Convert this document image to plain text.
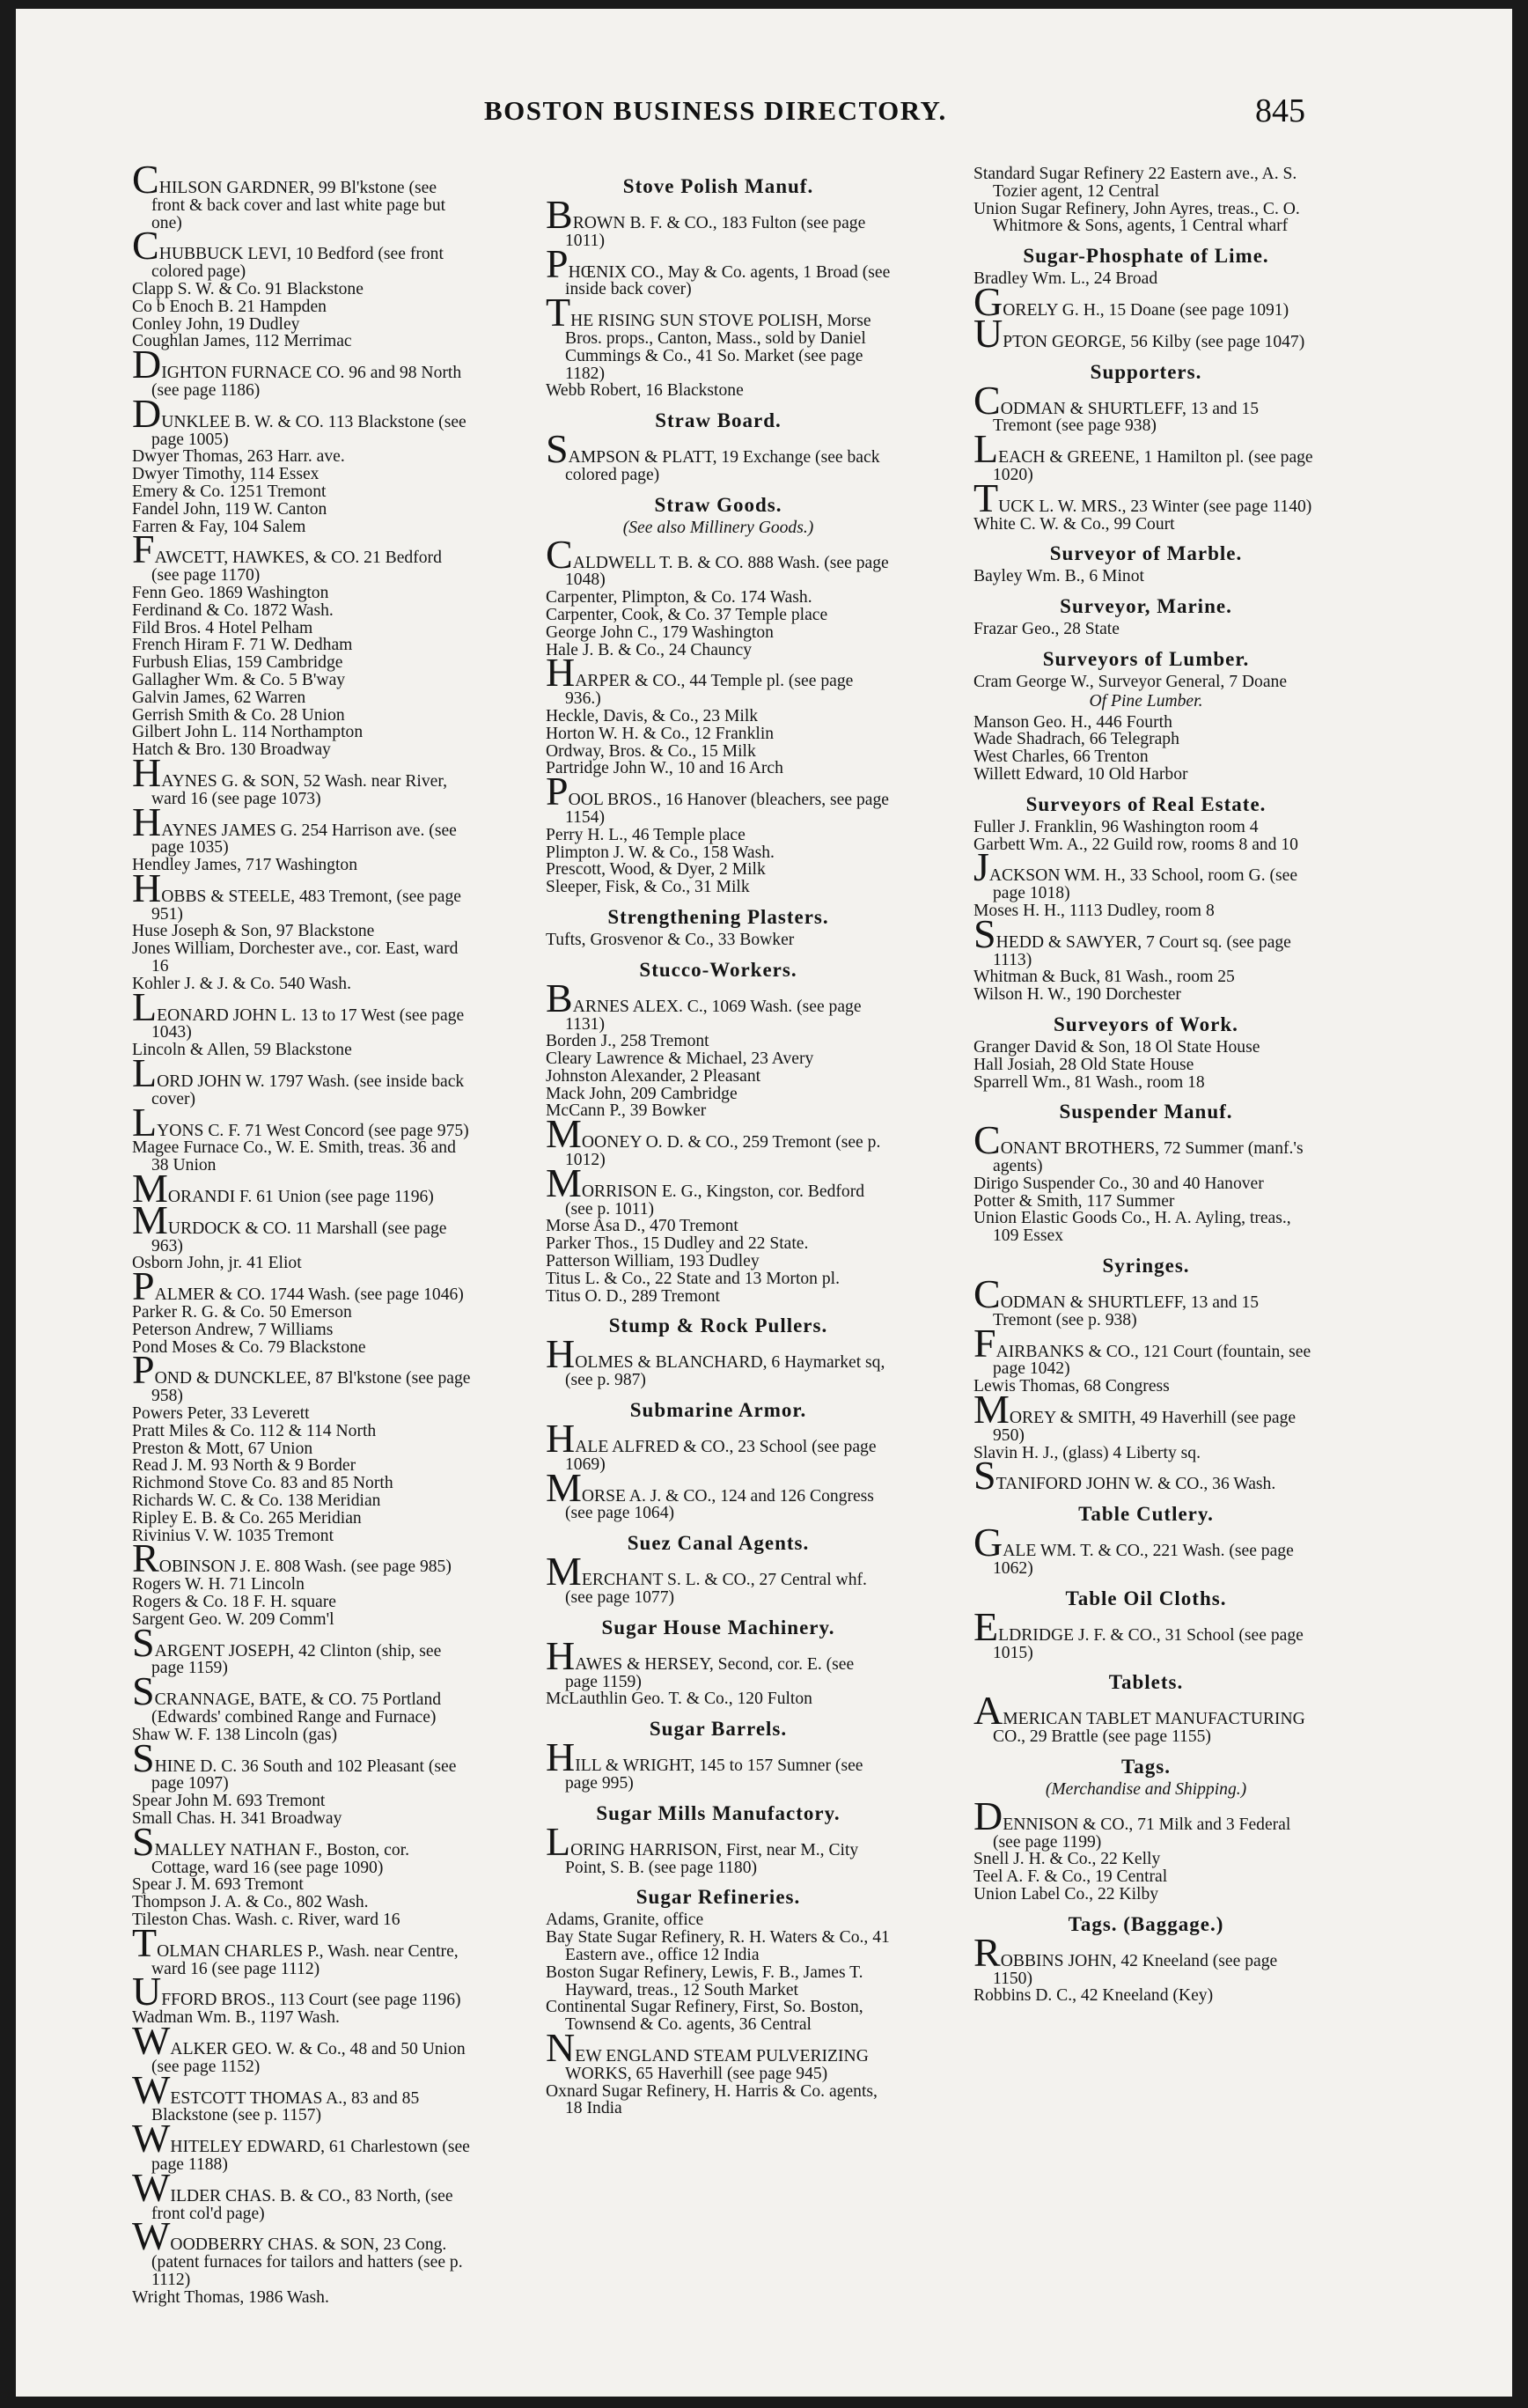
BOSTON BUSINESS DIRECTORY.	845
CHILSON GARDNER, 99 Bl'kstone (see front & back cover and last white page but one)
CHUBBUCK LEVI, 10 Bedford (see front colored page)
Clapp S. W. & Co. 91 Blackstone
Co b Enoch B. 21 Hampden
Conley John, 19 Dudley
Coughlan James, 112 Merrimac
DIGHTON FURNACE CO. 96 and 98 North (see page 1186)
DUNKLEE B. W. & CO. 113 Blackstone (see page 1005)
Dwyer Thomas, 263 Harr. ave.
Dwyer Timothy, 114 Essex
Emery & Co. 1251 Tremont
Fandel John, 119 W. Canton
Farren & Fay, 104 Salem
FAWCETT, HAWKES, & CO. 21 Bedford (see page 1170)
Fenn Geo. 1869 Washington
Ferdinand & Co. 1872 Wash.
Fild Bros. 4 Hotel Pelham
French Hiram F. 71 W. Dedham
Furbush Elias, 159 Cambridge
Gallagher Wm. & Co. 5 B'way
Galvin James, 62 Warren
Gerrish Smith & Co. 28 Union
Gilbert John L. 114 Northampton
Hatch & Bro. 130 Broadway
HAYNES G. & SON, 52 Wash. near River, ward 16 (see page 1073)
HAYNES JAMES G. 254 Harrison ave. (see page 1035)
Hendley James, 717 Washington
HOBBS & STEELE, 483 Tremont, (see page 951)
Huse Joseph & Son, 97 Blackstone
Jones William, Dorchester ave., cor. East, ward 16
Kohler J. & J. & Co. 540 Wash.
LEONARD JOHN L. 13 to 17 West (see page 1043)
Lincoln & Allen, 59 Blackstone
LORD JOHN W. 1797 Wash. (see inside back cover)
LYONS C. F. 71 West Concord (see page 975)
Magee Furnace Co., W. E. Smith, treas. 36 and 38 Union
MORANDI F. 61 Union (see page 1196)
MURDOCK & CO. 11 Marshall (see page 963)
Osborn John, jr. 41 Eliot
PALMER & CO. 1744 Wash. (see page 1046)
Parker R. G. & Co. 50 Emerson
Peterson Andrew, 7 Williams
Pond Moses & Co. 79 Blackstone
POND & DUNCKLEE, 87 Bl'kstone (see page 958)
Powers Peter, 33 Leverett
Pratt Miles & Co. 112 & 114 North
Preston & Mott, 67 Union
Read J. M. 93 North & 9 Border
Richmond Stove Co. 83 and 85 North
Richards W. C. & Co. 138 Meridian
Ripley E. B. & Co. 265 Meridian
Rivinius V. W. 1035 Tremont
ROBINSON J. E. 808 Wash. (see page 985)
Rogers W. H. 71 Lincoln
Rogers & Co. 18 F. H. square
Sargent Geo. W. 209 Comm'l
SARGENT JOSEPH, 42 Clinton (ship, see page 1159)
SCRANNAGE, BATE, & CO. 75 Portland (Edwards' combined Range and Furnace)
Shaw W. F. 138 Lincoln (gas)
SHINE D. C. 36 South and 102 Pleasant (see page 1097)
Spear John M. 693 Tremont
Small Chas. H. 341 Broadway
SMALLEY NATHAN F., Boston, cor. Cottage, ward 16 (see page 1090)
Spear J. M. 693 Tremont
Thompson J. A. & Co., 802 Wash.
Tileston Chas. Wash. c. River, ward 16
TOLMAN CHARLES P., Wash. near Centre, ward 16 (see page 1112)
UFFORD BROS., 113 Court (see page 1196)
Wadman Wm. B., 1197 Wash.
WALKER GEO. W. & Co., 48 and 50 Union (see page 1152)
WESTCOTT THOMAS A., 83 and 85 Blackstone (see p. 1157)
WHITELEY EDWARD, 61 Charlestown (see page 1188)
WILDER CHAS. B. & CO., 83 North, (see front col'd page)
WOODBERRY CHAS. & SON, 23 Cong. (patent furnaces for tailors and hatters (see p. 1112)
Wright Thomas, 1986 Wash.
Stove Polish Manuf.
BROWN B. F. & CO., 183 Fulton (see page 1011)
PHŒNIX CO., May & Co. agents, 1 Broad (see inside back cover)
THE RISING SUN STOVE POLISH, Morse Bros. props., Canton, Mass., sold by Daniel Cummings & Co., 41 So. Market (see page 1182)
Webb Robert, 16 Blackstone
Straw Board.
SAMPSON & PLATT, 19 Exchange (see back colored page)
Straw Goods.
(See also Millinery Goods.)
CALDWELL T. B. & CO. 888 Wash. (see page 1048)
Carpenter, Plimpton, & Co. 174 Wash.
Carpenter, Cook, & Co. 37 Temple place
George John C., 179 Washington
Hale J. B. & Co., 24 Chauncy
HARPER & CO., 44 Temple pl. (see page 936.)
Heckle, Davis, & Co., 23 Milk
Horton W. H. & Co., 12 Franklin
Ordway, Bros. & Co., 15 Milk
Partridge John W., 10 and 16 Arch
POOL BROS., 16 Hanover (bleachers, see page 1154)
Perry H. L., 46 Temple place
Plimpton J. W. & Co., 158 Wash.
Prescott, Wood, & Dyer, 2 Milk
Sleeper, Fisk, & Co., 31 Milk
Strengthening Plasters.
Tufts, Grosvenor & Co., 33 Bowker
Stucco-Workers.
BARNES ALEX. C., 1069 Wash. (see page 1131)
Borden J., 258 Tremont
Cleary Lawrence & Michael, 23 Avery
Johnston Alexander, 2 Pleasant
Mack John, 209 Cambridge
McCann P., 39 Bowker
MOONEY O. D. & CO., 259 Tremont (see p. 1012)
MORRISON E. G., Kingston, cor. Bedford (see p. 1011)
Morse Asa D., 470 Tremont
Parker Thos., 15 Dudley and 22 State.
Patterson William, 193 Dudley
Titus L. & Co., 22 State and 13 Morton pl.
Titus O. D., 289 Tremont
Stump & Rock Pullers.
HOLMES & BLANCHARD, 6 Haymarket sq, (see p. 987)
Submarine Armor.
HALE ALFRED & CO., 23 School (see page 1069)
MORSE A. J. & CO., 124 and 126 Congress (see page 1064)
Suez Canal Agents.
MERCHANT S. L. & CO., 27 Central whf. (see page 1077)
Sugar House Machinery.
HAWES & HERSEY, Second, cor. E. (see page 1159)
McLauthlin Geo. T. & Co., 120 Fulton
Sugar Barrels.
HILL & WRIGHT, 145 to 157 Sumner (see page 995)
Sugar Mills Manufactory.
LORING HARRISON, First, near M., City Point, S. B. (see page 1180)
Sugar Refineries.
Adams, Granite, office
Bay State Sugar Refinery, R. H. Waters & Co., 41 Eastern ave., office 12 India
Boston Sugar Refinery, Lewis, F. B., James T. Hayward, treas., 12 South Market
Continental Sugar Refinery, First, So. Boston, Townsend & Co. agents, 36 Central
NEW ENGLAND STEAM PULVERIZING WORKS, 65 Haverhill (see page 945)
Oxnard Sugar Refinery, H. Harris & Co. agents, 18 India
Standard Sugar Refinery 22 Eastern ave., A. S. Tozier agent, 12 Central
Union Sugar Refinery, John Ayres, treas., C. O. Whitmore & Sons, agents, 1 Central wharf
Sugar-Phosphate of Lime.
Bradley Wm. L., 24 Broad
GORELY G. H., 15 Doane (see page 1091)
UPTON GEORGE, 56 Kilby (see page 1047)
Supporters.
CODMAN & SHURTLEFF, 13 and 15 Tremont (see page 938)
LEACH & GREENE, 1 Hamilton pl. (see page 1020)
TUCK L. W. MRS., 23 Winter (see page 1140)
White C. W. & Co., 99 Court
Surveyor of Marble.
Bayley Wm. B., 6 Minot
Surveyor, Marine.
Frazar Geo., 28 State
Surveyors of Lumber.
Cram George W., Surveyor General, 7 Doane
Of Pine Lumber.
Manson Geo. H., 446 Fourth
Wade Shadrach, 66 Telegraph
West Charles, 66 Trenton
Willett Edward, 10 Old Harbor
Surveyors of Real Estate.
Fuller J. Franklin, 96 Washington room 4
Garbett Wm. A., 22 Guild row, rooms 8 and 10
JACKSON WM. H., 33 School, room G. (see page 1018)
Moses H. H., 1113 Dudley, room 8
SHEDD & SAWYER, 7 Court sq. (see page 1113)
Whitman & Buck, 81 Wash., room 25
Wilson H. W., 190 Dorchester
Surveyors of Work.
Granger David & Son, 18 Ol State House
Hall Josiah, 28 Old State House
Sparrell Wm., 81 Wash., room 18
Suspender Manuf.
CONANT BROTHERS, 72 Summer (manf.'s agents)
Dirigo Suspender Co., 30 and 40 Hanover
Potter & Smith, 117 Summer
Union Elastic Goods Co., H. A. Ayling, treas., 109 Essex
Syringes.
CODMAN & SHURTLEFF, 13 and 15 Tremont (see p. 938)
FAIRBANKS & CO., 121 Court (fountain, see page 1042)
Lewis Thomas, 68 Congress
MOREY & SMITH, 49 Haverhill (see page 950)
Slavin H. J., (glass) 4 Liberty sq.
STANIFORD JOHN W. & CO., 36 Wash.
Table Cutlery.
GALE WM. T. & CO., 221 Wash. (see page 1062)
Table Oil Cloths.
ELDRIDGE J. F. & CO., 31 School (see page 1015)
Tablets.
AMERICAN TABLET MANUFACTURING CO., 29 Brattle (see page 1155)
Tags.
(Merchandise and Shipping.)
DENNISON & CO., 71 Milk and 3 Federal (see page 1199)
Snell J. H. & Co., 22 Kelly
Teel A. F. & Co., 19 Central
Union Label Co., 22 Kilby
Tags. (Baggage.)
ROBBINS JOHN, 42 Kneeland (see page 1150)
Robbins D. C., 42 Kneeland (Key)
